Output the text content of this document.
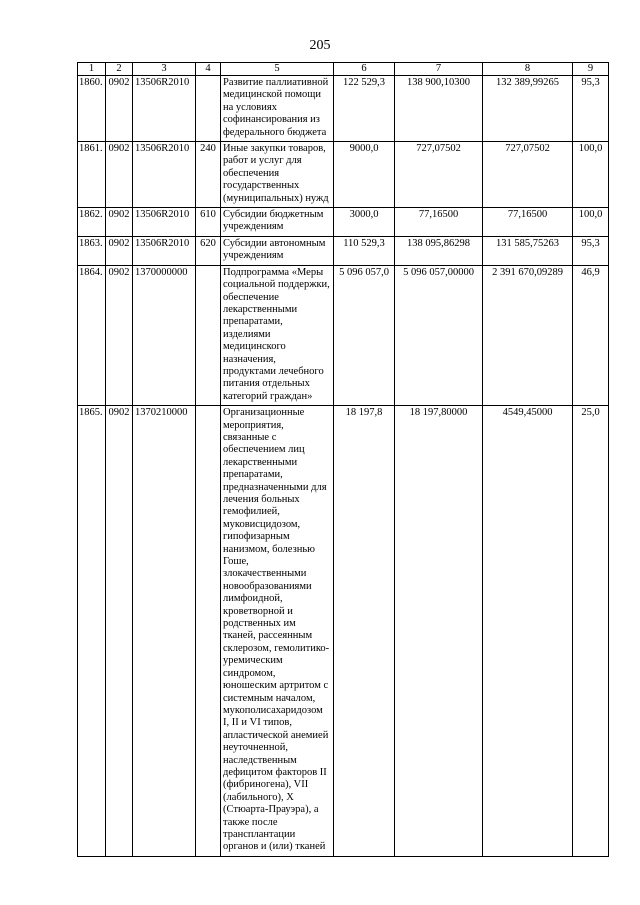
205
1	2	3	4	5	6	7	8	9
1860.	0902	13506R2010		Развитие паллиативной медицинской помощи на условиях софинансирования из федерального бюджета	122 529,3	138 900,10300	132 389,99265	95,3
1861.	0902	13506R2010	240	Иные закупки товаров, работ и услуг для обеспечения государственных (муниципальных) нужд	9000,0	727,07502	727,07502	100,0
1862.	0902	13506R2010	610	Субсидии бюджетным учреждениям	3000,0	77,16500	77,16500	100,0
1863.	0902	13506R2010	620	Субсидии автономным учреждениям	110 529,3	138 095,86298	131 585,75263	95,3
1864.	0902	1370000000		Подпрограмма «Меры социальной поддержки, обеспечение лекарственными препаратами, изделиями медицинского назначения, продуктами лечебного питания отдельных категорий граждан»	5 096 057,0	5 096 057,00000	2 391 670,09289	46,9
1865.	0902	1370210000		Организационные мероприятия, связанные с обеспечением лиц лекарственными препаратами, предназначенными для лечения больных гемофилией, муковисцидозом, гипофизарным нанизмом, болезнью Гоше, злокачественными новообразованиями лимфоидной, кроветворной и родственных им тканей, рассеянным склерозом, гемолитико-уремическим синдромом, юношеским артритом с системным началом, мукополисахаридозом I, II и VI типов, апластической анемией неуточненной, наследственным дефицитом факторов II (фибриногена), VII (лабильного), X (Стюарта-Прауэра), а также после трансплантации органов и (или) тканей	18 197,8	18 197,80000	4549,45000	25,0
